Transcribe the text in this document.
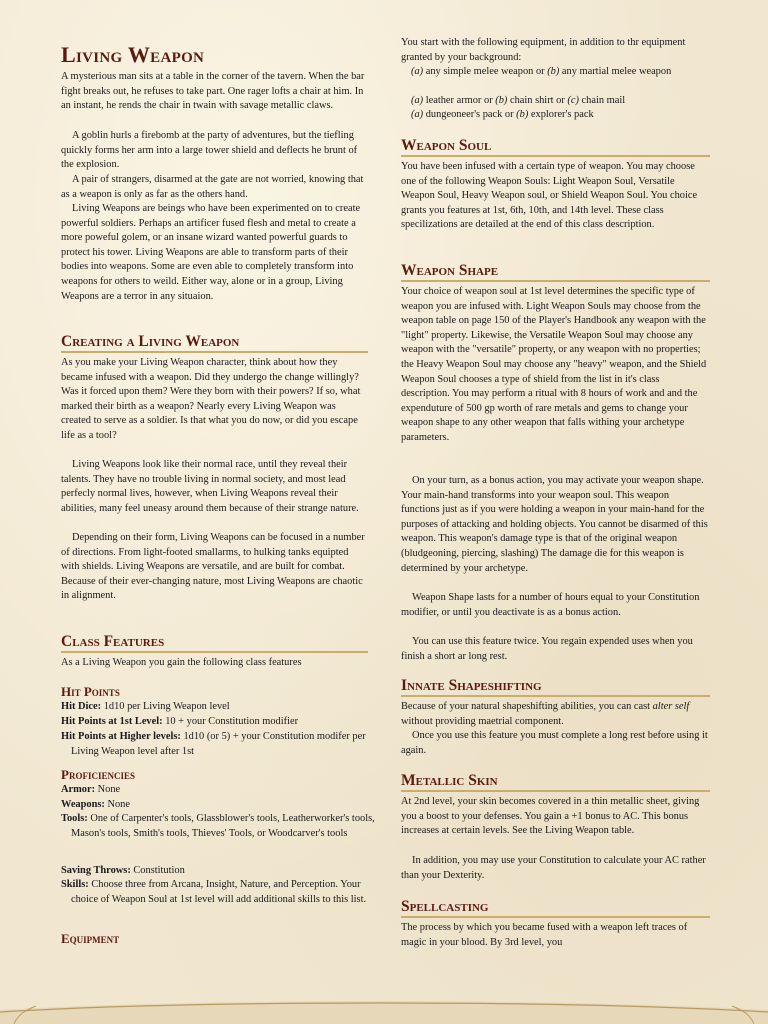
Living Weapon

A mysterious man sits at a table in the corner of the tavern. When the bar fight breaks out, he refuses to take part. One rager lofts a chair at him. In an instant, he rends the chair in twain with savage metallic claws.

A goblin hurls a firebomb at the party of adventures, but the tiefling quickly forms her arm into a large tower shield and deflects he brunt of the explosion.

A pair of strangers, disarmed at the gate are not worried, knowing that as a weapon is only as far as the others hand.

Living Weapons are beings who have been experimented on to create powerful soldiers. Perhaps an artificer fused flesh and metal to create a more poweful golem, or an insane wizard wanted powerful guards to protect his tower. Living Weapons are able to transform parts of their bodies into weapons. Some are even able to completely transform into weapons for others to weild. Either way, alone or in a group, Living Weapons are a terror in any situaion.

Creating a Living Weapon

As you make your Living Weapon character, think about how they became infused with a weapon. Did they undergo the change willingly? Was it forced upon them? Were they born with their powers? If so, what marked their birth as a weapon? Nearly every Living Weapon was created to serve as a soldier. Is that what you do now, or did you escape life as a tool?

Living Weapons look like their normal race, until they reveal their talents. They have no trouble living in normal society, and most lead perfecly normal lives, however, when Living Weapons reveal their abilities, many feel uneasy around them because of their strange nature.

Depending on their form, Living Weapons can be focused in a number of directions. From light-footed smallarms, to hulking tanks equipted with shields. Living Weapons are versatile, and are built for combat. Because of their ever-changing nature, most Living Weapons are chaotic in alignment.

Class Features

As a Living Weapon you gain the following class features

Hit Points

Hit Dice: 1d10 per Living Weapon level

Hit Points at 1st Level: 10 + your Constitution modifier

Hit Points at Higher levels: 1d10 (or 5) + your Constitution modifer per Living Weapon level after 1st

Proficiencies

Armor: None

Weapons: None

Tools: One of Carpenter's tools, Glassblower's tools, Leatherworker's tools, Mason's tools, Smith's tools, Thieves' Tools, or Woodcarver's tools

Saving Throws: Constitution

Skills: Choose three from Arcana, Insight, Nature, and Perception. Your choice of Weapon Soul at 1st level will add additional skills to this list.

Equipment

You start with the following equipment, in addition to thr equipment granted by your background:

(a) any simple melee weapon or (b) any martial melee weapon

(a) leather armor or (b) chain shirt or (c) chain mail

(a) dungeoneer's pack or (b) explorer's pack

Weapon Soul

You have been infused with a certain type of weapon. You may choose one of the following Weapon Souls: Light Weapon Soul, Versatile Weapon Soul, Heavy Weapon soul, or Shield Weapon Soul. You choice grants you features at 1st, 6th, 10th, and 14th level. These class specilizations are detailed at the end of this class description.

Weapon Shape

Your choice of weapon soul at 1st level determines the specific type of weapon you are infused with. Light Weapon Souls may choose from the weapon table on page 150 of the Player's Handbook any weapon with the "light" property. Likewise, the Versatile Weapon Soul may choose any weapon with the "versatile" property, or any weapon with no properties; the Heavy Weapon Soul may choose any "heavy" weapon, and the Shield Weapon Soul chooses a type of shield from the list in it's class description. You may perform a ritual with 8 hours of work and and the expenduture of 500 gp worth of rare metals and gems to change your weapon shape to any other weapon that falls withing your archetype parameters.

On your turn, as a bonus action, you may activate your weapon shape. Your main-hand transforms into your weapon soul. This weapon functions just as if you were holding a weapon in your main-hand for the purposes of attacking and holding objects. You cannot be disarmed of this weapon. This weapon's damage type is that of the original weapon (bludgeoning, piercing, slashing) The damage die for this weapon is determined by your archetype.

Weapon Shape lasts for a number of hours equal to your Constitution modifier, or until you deactivate is as a bonus action.

You can use this feature twice. You regain expended uses when you finish a short ar long rest.

Innate Shapeshifting

Because of your natural shapeshifting abilities, you can cast alter self without providing maetrial component.

Once you use this feature you must complete a long rest before using it again.

Metallic Skin

At 2nd level, your skin becomes covered in a thin metallic sheet, giving you a boost to your defenses. You gain a +1 bonus to AC. This bonus increases at certain levels. See the Living Weapon table.

In addition, you may use your Constitution to calculate your AC rather than your Dexterity.

Spellcasting

The process by which you became fused with a weapon left traces of magic in your blood. By 3rd level, you
